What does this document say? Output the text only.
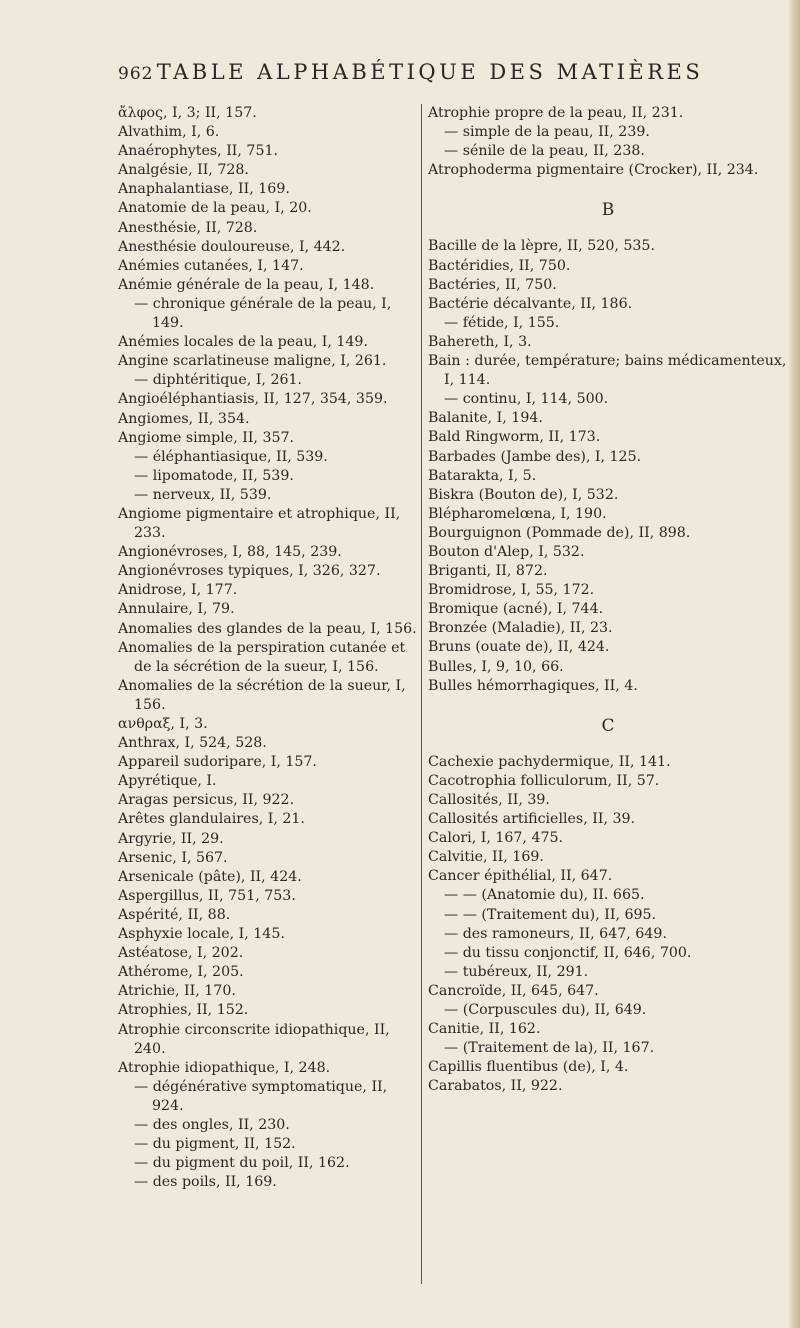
962 TABLE ALPHABÉTIQUE DES MATIÈRES

ἄλφος, I, 3; II, 157.

Alvathim, I, 6.

Anaérophytes, II, 751.

Analgésie, II, 728.

Anaphalantiase, II, 169.

Anatomie de la peau, I, 20.

Anesthésie, II, 728.

Anesthésie douloureuse, I, 442.

Anémies cutanées, I, 147.

Anémie générale de la peau, I, 148.

— chronique générale de la peau, I, 149.

Anémies locales de la peau, I, 149.

Angine scarlatineuse maligne, I, 261.

— diphtéritique, I, 261.

Angioéléphantiasis, II, 127, 354, 359.

Angiomes, II, 354.

Angiome simple, II, 357.

— éléphantiasique, II, 539.

— lipomatode, II, 539.

— nerveux, II, 539.

Angiome pigmentaire et atrophique, II, 233.

Angionévroses, I, 88, 145, 239.

Angionévroses typiques, I, 326, 327.

Anidrose, I, 177.

Annulaire, I, 79.

Anomalies des glandes de la peau, I, 156.

Anomalies de la perspiration cutanée et de la sécrétion de la sueur, I, 156.

Anomalies de la sécrétion de la sueur, I, 156.

ανθραξ, I, 3.

Anthrax, I, 524, 528.

Appareil sudoripare, I, 157.

Apyrétique, I.

Aragas persicus, II, 922.

Arêtes glandulaires, I, 21.

Argyrie, II, 29.

Arsenic, I, 567.

Arsenicale (pâte), II, 424.

Aspergillus, II, 751, 753.

Aspérité, II, 88.

Asphyxie locale, I, 145.

Astéatose, I, 202.

Athérome, I, 205.

Atrichie, II, 170.

Atrophies, II, 152.

Atrophie circonscrite idiopathique, II, 240.

Atrophie idiopathique, I, 248.

— dégénérative symptomatique, II, 924.

— des ongles, II, 230.

— du pigment, II, 152.

— du pigment du poil, II, 162.

— des poils, II, 169.

Atrophie propre de la peau, II, 231.

— simple de la peau, II, 239.

— sénile de la peau, II, 238.

Atrophoderma pigmentaire (Crocker), II, 234.

B

Bacille de la lèpre, II, 520, 535.

Bactéridies, II, 750.

Bactéries, II, 750.

Bactérie décalvante, II, 186.

— fétide, I, 155.

Bahereth, I, 3.

Bain : durée, température; bains médicamenteux, I, 114.

— continu, I, 114, 500.

Balanite, I, 194.

Bald Ringworm, II, 173.

Barbades (Jambe des), I, 125.

Batarakta, I, 5.

Biskra (Bouton de), I, 532.

Blépharomelœna, I, 190.

Bourguignon (Pommade de), II, 898.

Bouton d'Alep, I, 532.

Briganti, II, 872.

Bromidrose, I, 55, 172.

Bromique (acné), I, 744.

Bronzée (Maladie), II, 23.

Bruns (ouate de), II, 424.

Bulles, I, 9, 10, 66.

Bulles hémorrhagiques, II, 4.

C

Cachexie pachydermique, II, 141.

Cacotrophia folliculorum, II, 57.

Callosités, II, 39.

Callosités artificielles, II, 39.

Calori, I, 167, 475.

Calvitie, II, 169.

Cancer épithélial, II, 647.

— — (Anatomie du), II. 665.

— — (Traitement du), II, 695.

— des ramoneurs, II, 647, 649.

— du tissu conjonctif, II, 646, 700.

— tubéreux, II, 291.

Cancroïde, II, 645, 647.

— (Corpuscules du), II, 649.

Canitie, II, 162.

— (Traitement de la), II, 167.

Capillis fluentibus (de), I, 4.

Carabatos, II, 922.
